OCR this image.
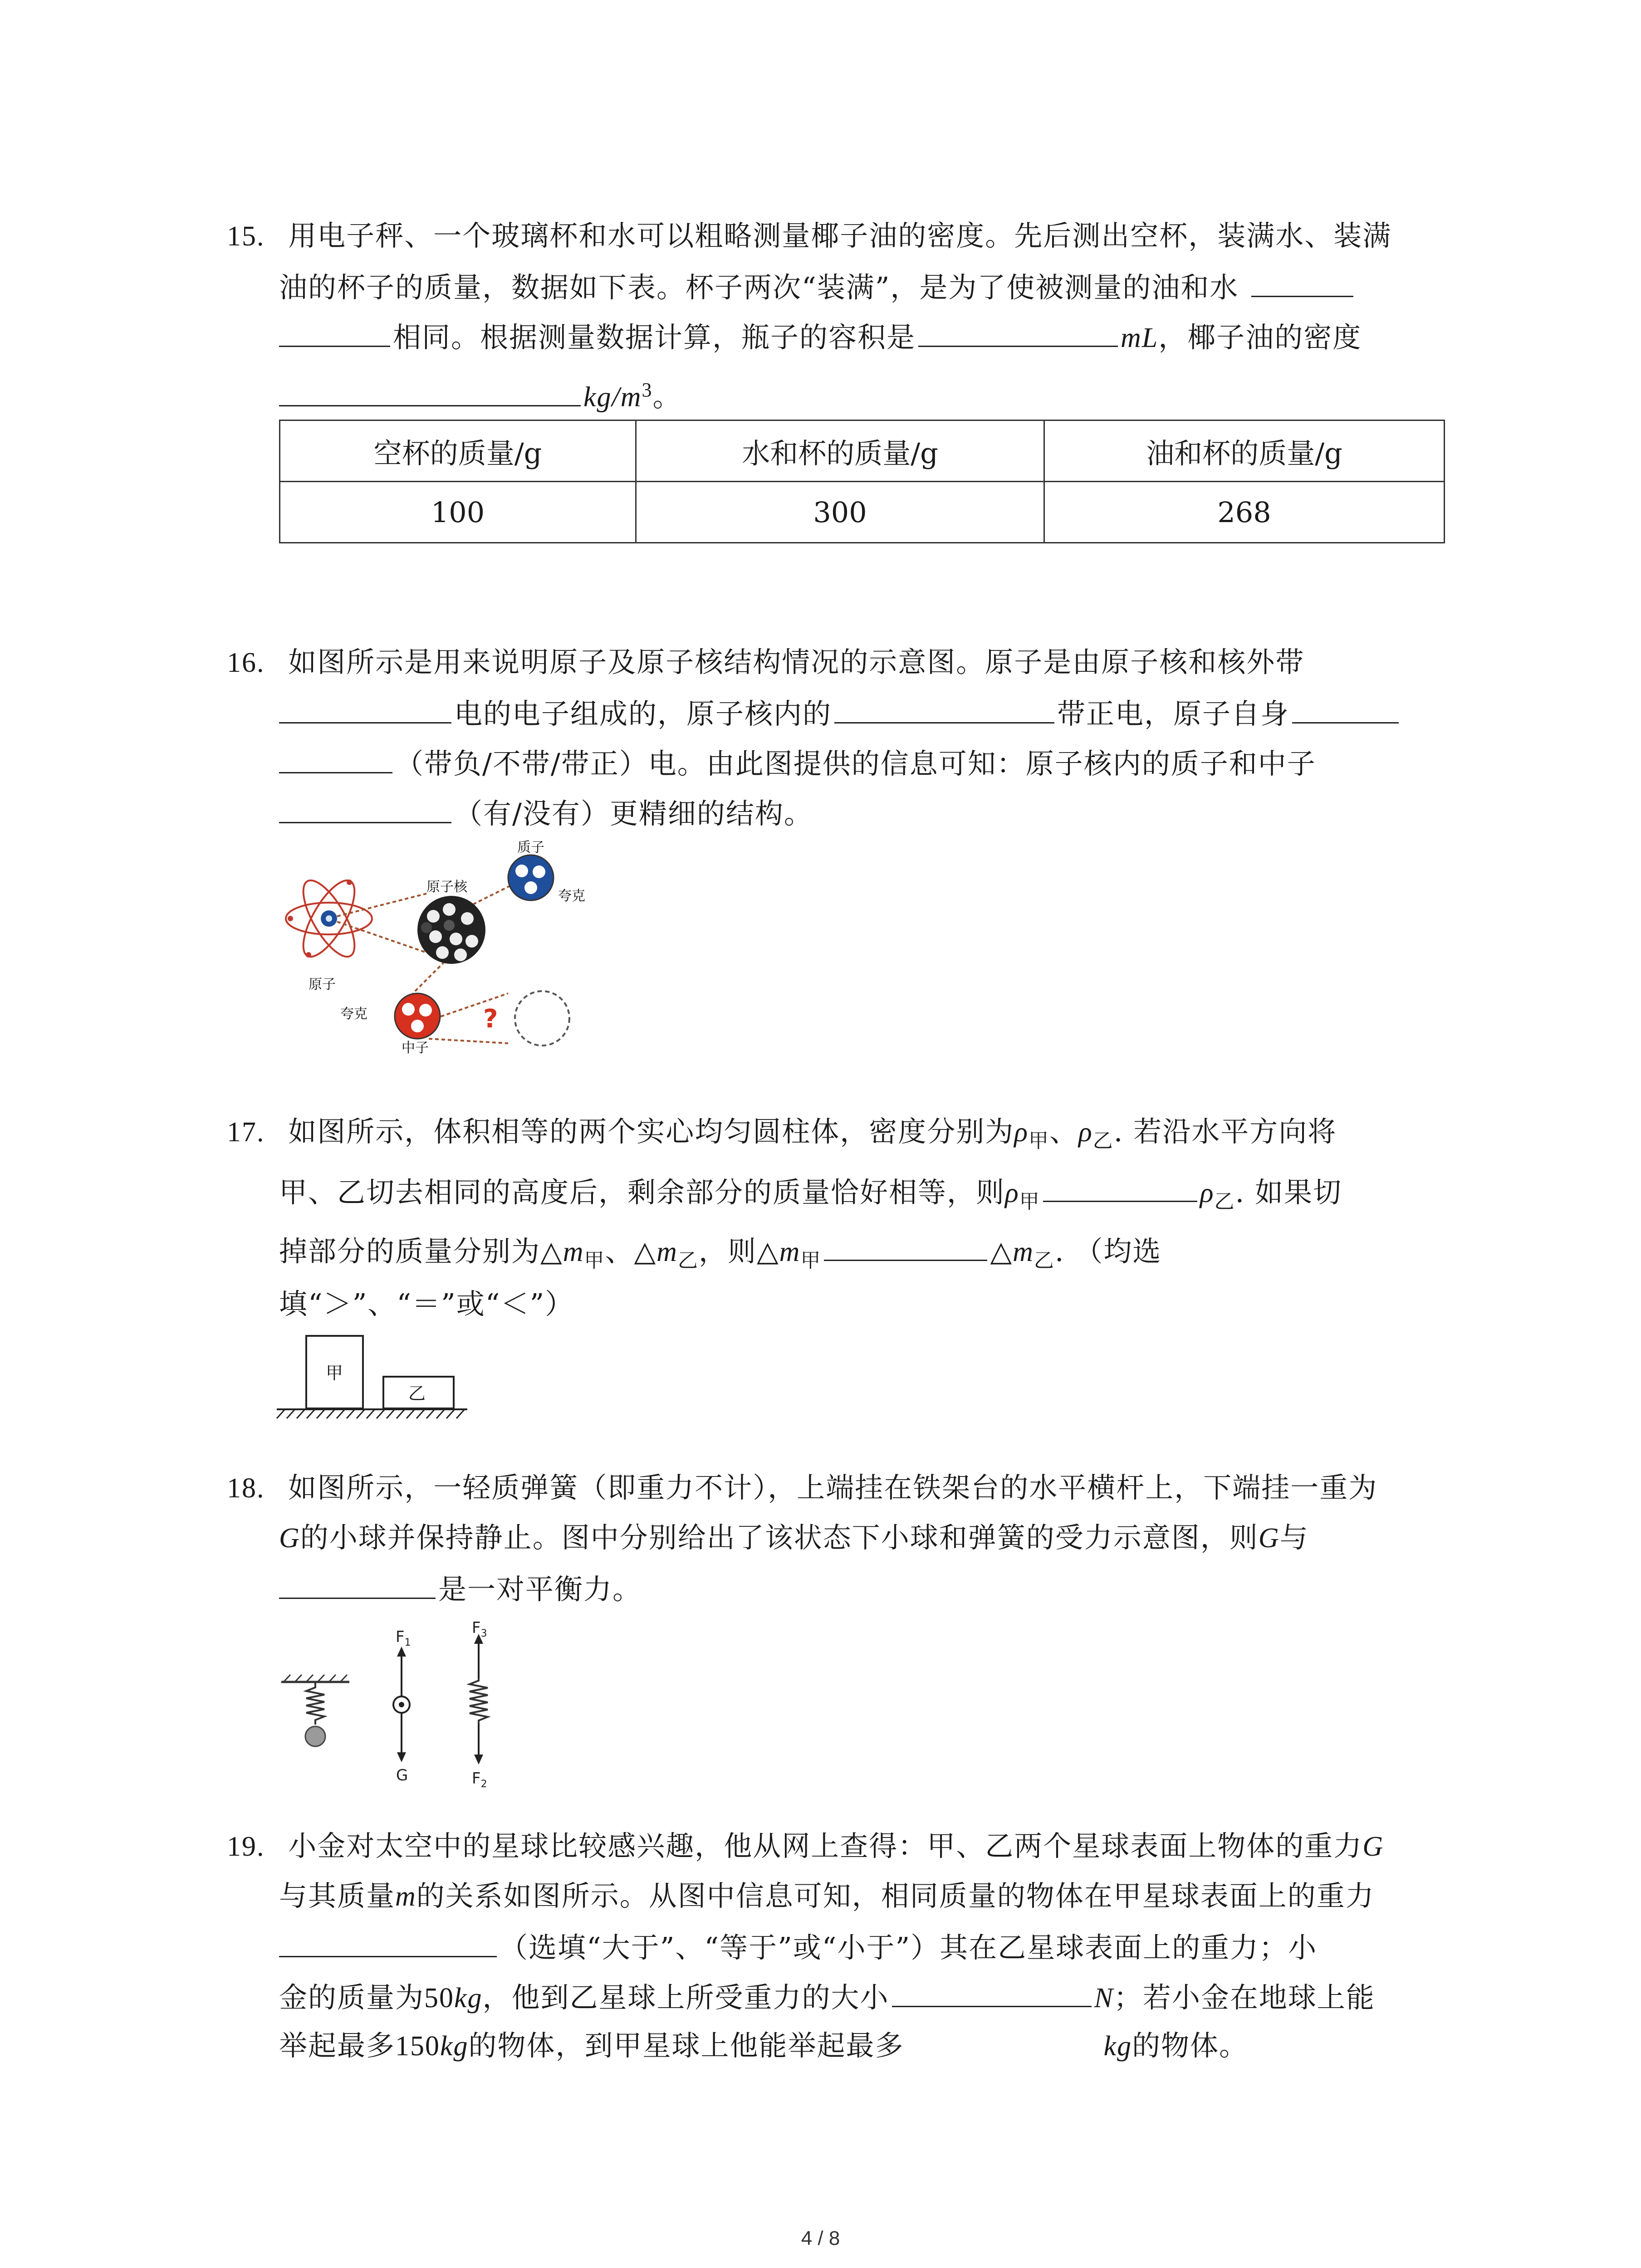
15. 用电子秤、一个玻璃杯和水可以粗略测量椰子油的密度。先后测出空杯，装满水、装满
油的杯子的质量，数据如下表。杯子两次“装满”，是为了使被测量的油和水
相同。根据测量数据计算，瓶子的容积是	mL，椰子油的密度
$kg/m^3$。
空杯的质量/g	水和杯的质量/g	油和杯的质量/g
100	300	268
16. 如图所示是用来说明原子及原子核结构情况的示意图。原子是由原子核和核外带
电的电子组成的，原子核内的	带正电，原子自身
（带负/不带/带正）电。由此图提供的信息可知：原子核内的质子和中子
（有/没有）更精细的结构。
?
原子
原子核
质子
夸克
夸克
中子
17. 如图所示，体积相等的两个实心均匀圆柱体，密度分别为$\rho_甲$、$\rho_乙$. 若沿水平方向将
甲、乙切去相同的高度后，剩余部分的质量恰好相等，则$\rho_甲$	$\rho_乙$. 如果切
掉部分的质量分别为$\triangle m_甲$、$\triangle m_乙$，则$\triangle m_甲$	$\triangle m_乙$. （均选
填“＞”、“＝”或“＜”）
甲
乙
18. 如图所示，一轻质弹簧（即重力不计），上端挂在铁架台的水平横杆上，下端挂一重为
G的小球并保持静止。图中分别给出了该状态下小球和弹簧的受力示意图，则G与
是一对平衡力。
$F_1$
G
$F_3$
$F_2$
19. 小金对太空中的星球比较感兴趣，他从网上查得：甲、乙两个星球表面上物体的重力G
与其质量m的关系如图所示。从图中信息可知，相同质量的物体在甲星球表面上的重力
（选填“大于”、“等于”或“小于”）其在乙星球表面上的重力；小
金的质量为50kg，他到乙星球上所受重力的大小	N；若小金在地球上能
举起最多150kg的物体，到甲星球上他能举起最多	kg的物体。
4 / 8
